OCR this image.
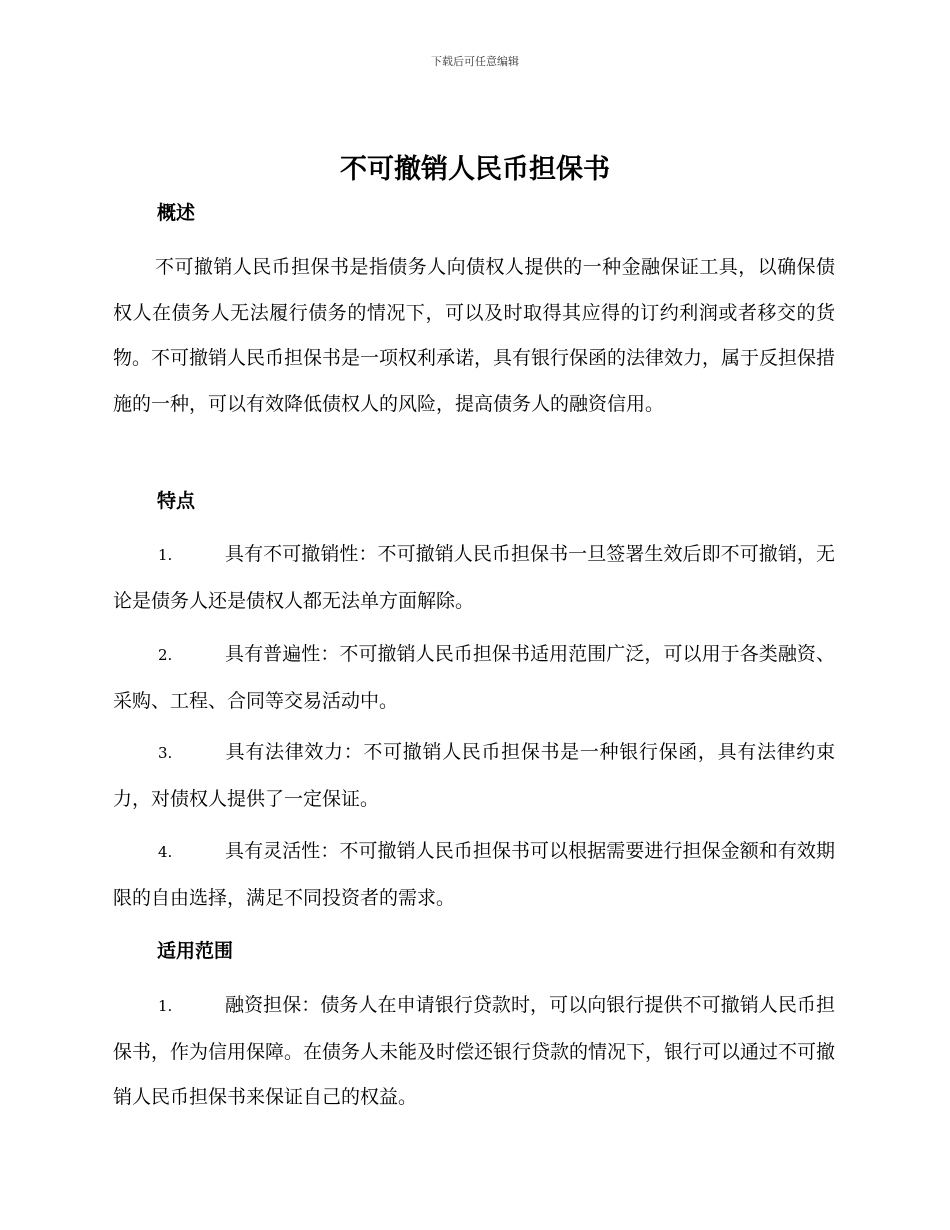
下载后可任意编辑
不可撤销人民币担保书
概述

不可撤销人民币担保书是指债务人向债权人提供的一种金融保证工具，以确保债权人在债务人无法履行债务的情况下，可以及时取得其应得的订约利润或者移交的货物。不可撤销人民币担保书是一项权利承诺，具有银行保函的法律效力，属于反担保措施的一种，可以有效降低债权人的风险，提高债务人的融资信用。

特点

1.	具有不可撤销性：不可撤销人民币担保书一旦签署生效后即不可撤销，无论是债务人还是债权人都无法单方面解除。

2.	具有普遍性：不可撤销人民币担保书适用范围广泛，可以用于各类融资、采购、工程、合同等交易活动中。

3.	具有法律效力：不可撤销人民币担保书是一种银行保函，具有法律约束力，对债权人提供了一定保证。

4.	具有灵活性：不可撤销人民币担保书可以根据需要进行担保金额和有效期限的自由选择，满足不同投资者的需求。

适用范围

1.	融资担保：债务人在申请银行贷款时，可以向银行提供不可撤销人民币担保书，作为信用保障。在债务人未能及时偿还银行贷款的情况下，银行可以通过不可撤销人民币担保书来保证自己的权益。
